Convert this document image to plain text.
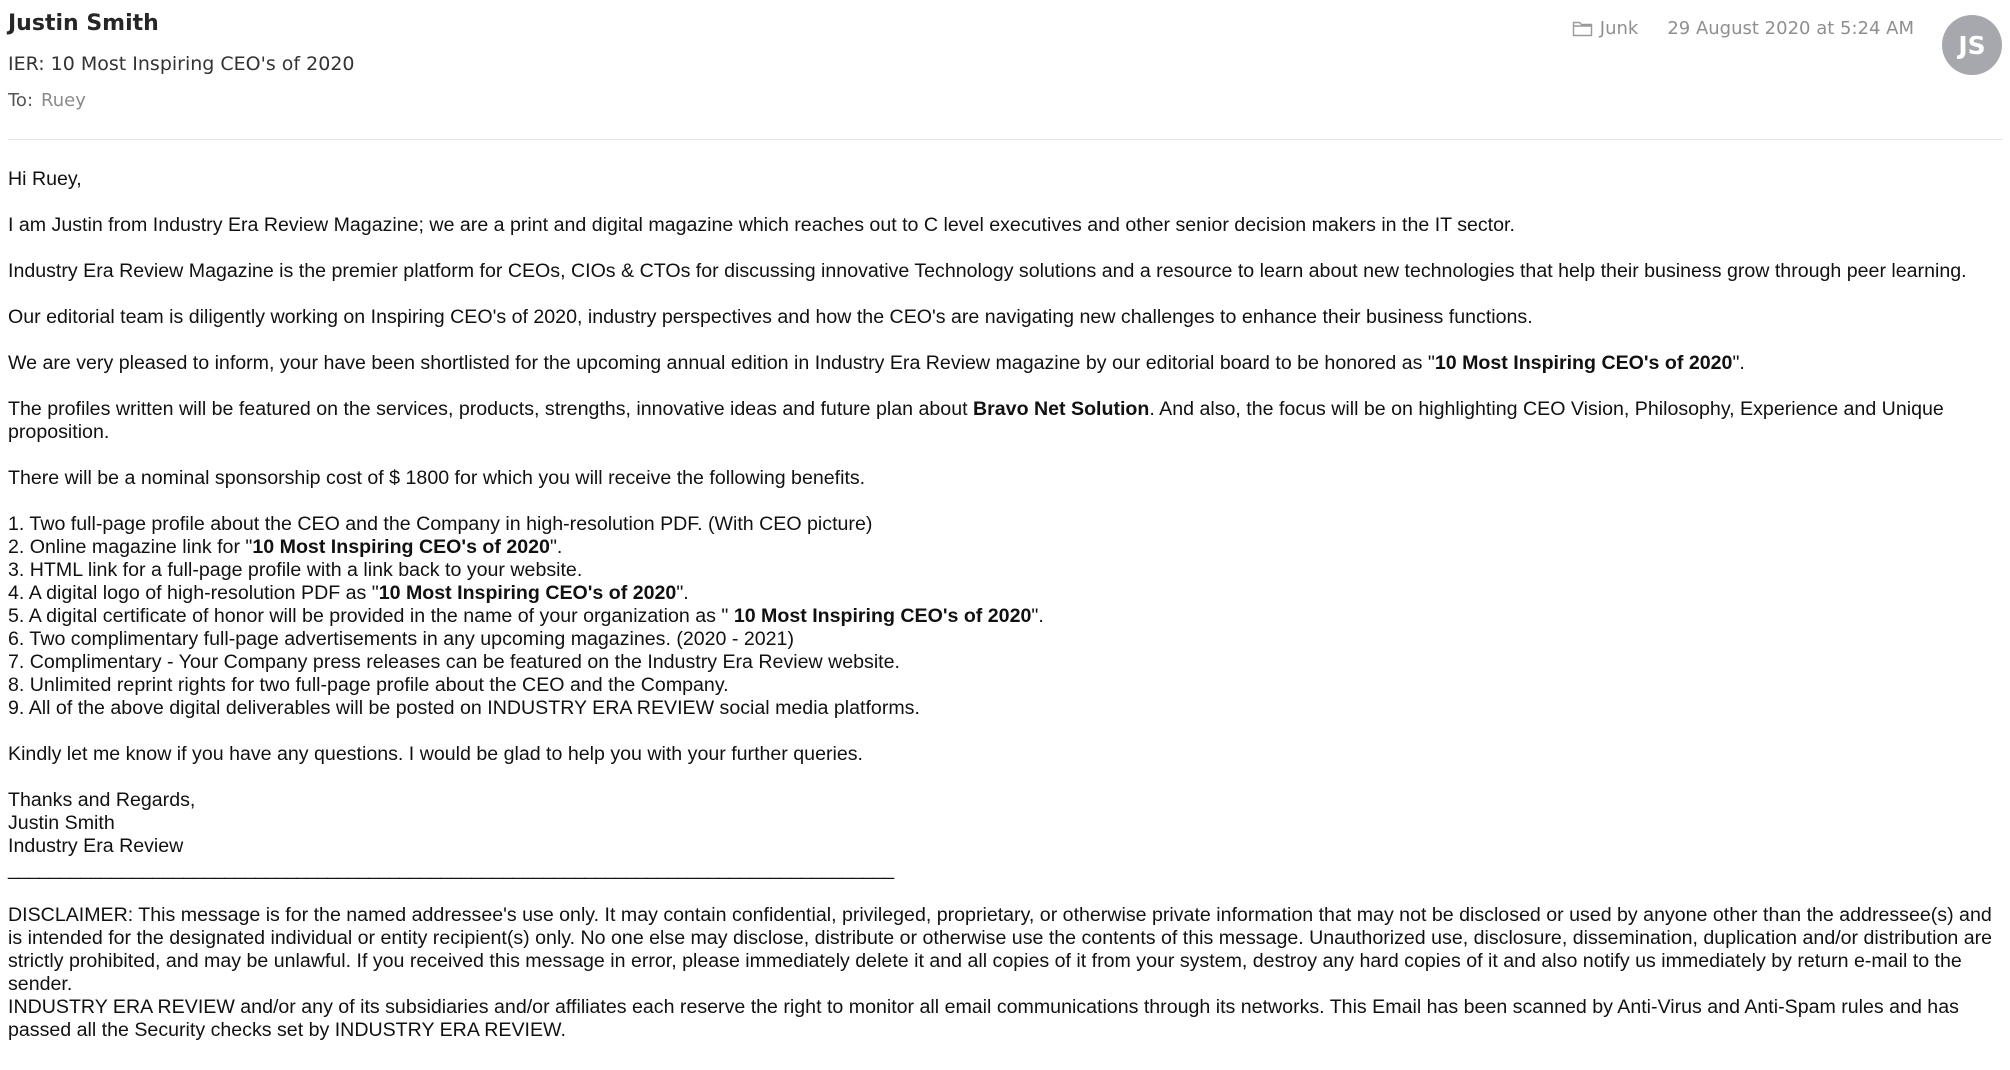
Justin Smith
IER: 10 Most Inspiring CEO's of 2020
To: Ruey
Junk 29 August 2020 at 5:24 AM
JS

Hi Ruey,

I am Justin from Industry Era Review Magazine; we are a print and digital magazine which reaches out to C level executives and other senior decision makers in the IT sector.

Industry Era Review Magazine is the premier platform for CEOs, CIOs & CTOs for discussing innovative Technology solutions and a resource to learn about new technologies that help their business grow through peer learning.

Our editorial team is diligently working on Inspiring CEO's of 2020, industry perspectives and how the CEO's are navigating new challenges to enhance their business functions.

We are very pleased to inform, your have been shortlisted for the upcoming annual edition in Industry Era Review magazine by our editorial board to be honored as "10 Most Inspiring CEO's of 2020".

The profiles written will be featured on the services, products, strengths, innovative ideas and future plan about Bravo Net Solution. And also, the focus will be on highlighting CEO Vision, Philosophy, Experience and Unique proposition.

There will be a nominal sponsorship cost of $ 1800 for which you will receive the following benefits.

1. Two full-page profile about the CEO and the Company in high-resolution PDF. (With CEO picture)
2. Online magazine link for "10 Most Inspiring CEO's of 2020".
3. HTML link for a full-page profile with a link back to your website.
4. A digital logo of high-resolution PDF as "10 Most Inspiring CEO's of 2020".
5. A digital certificate of honor will be provided in the name of your organization as " 10 Most Inspiring CEO's of 2020".
6. Two complimentary full-page advertisements in any upcoming magazines. (2020 - 2021)
7. Complimentary - Your Company press releases can be featured on the Industry Era Review website.
8. Unlimited reprint rights for two full-page profile about the CEO and the Company.
9. All of the above digital deliverables will be posted on INDUSTRY ERA REVIEW social media platforms.

Kindly let me know if you have any questions. I would be glad to help you with your further queries.

Thanks and Regards,

Justin Smith

Industry Era Review

______________________________________________________________________________________

DISCLAIMER: This message is for the named addressee's use only. It may contain confidential, privileged, proprietary, or otherwise private information that may not be disclosed or used by anyone other than the addressee(s) and is intended for the designated individual or entity recipient(s) only. No one else may disclose, distribute or otherwise use the contents of this message. Unauthorized use, disclosure, dissemination, duplication and/or distribution are strictly prohibited, and may be unlawful. If you received this message in error, please immediately delete it and all copies of it from your system, destroy any hard copies of it and also notify us immediately by return e-mail to the sender.

INDUSTRY ERA REVIEW and/or any of its subsidiaries and/or affiliates each reserve the right to monitor all email communications through its networks. This Email has been scanned by Anti-Virus and Anti-Spam rules and has passed all the Security checks set by INDUSTRY ERA REVIEW.
